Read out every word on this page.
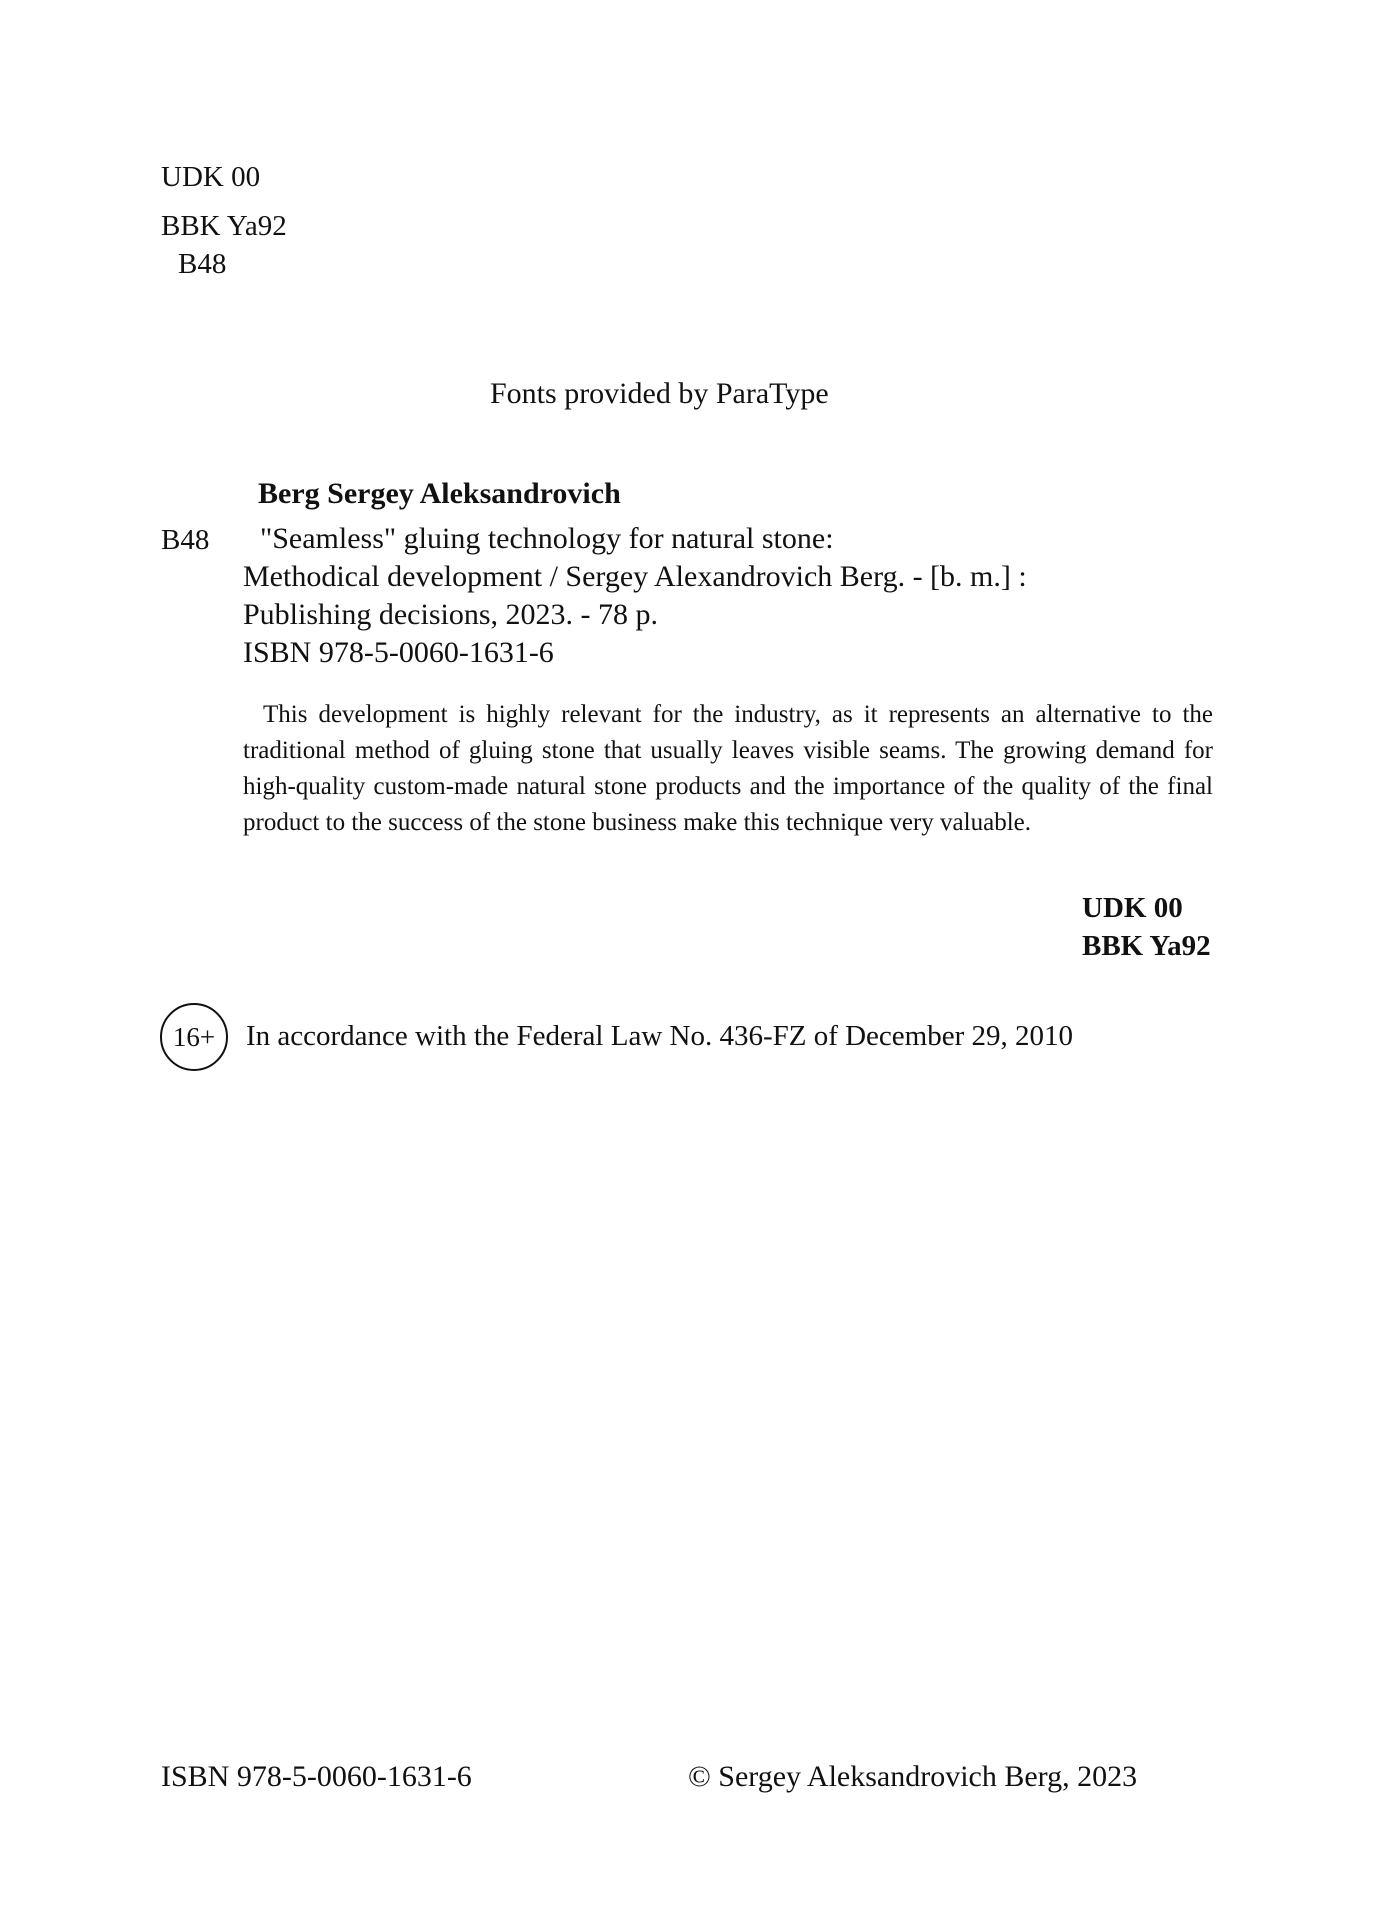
UDK 00
BBK Ya92
B48
Fonts provided by ParaType
Berg Sergey Aleksandrovich
B48	"Seamless" gluing technology for natural stone:
Methodical development / Sergey Alexandrovich Berg. - [b. m.] :
Publishing decisions, 2023. - 78 p.
ISBN 978-5-0060-1631-6
This development is highly relevant for the industry, as it represents an alternative to the traditional method of gluing stone that usually leaves visible seams. The growing demand for high-quality custom-made natural stone products and the importance of the quality of the final product to the success of the stone business make this technique very valuable.
UDK 00
BBK Ya92
16+ In accordance with the Federal Law No. 436-FZ of December 29, 2010
ISBN 978-5-0060-1631-6	© Sergey Aleksandrovich Berg, 2023
